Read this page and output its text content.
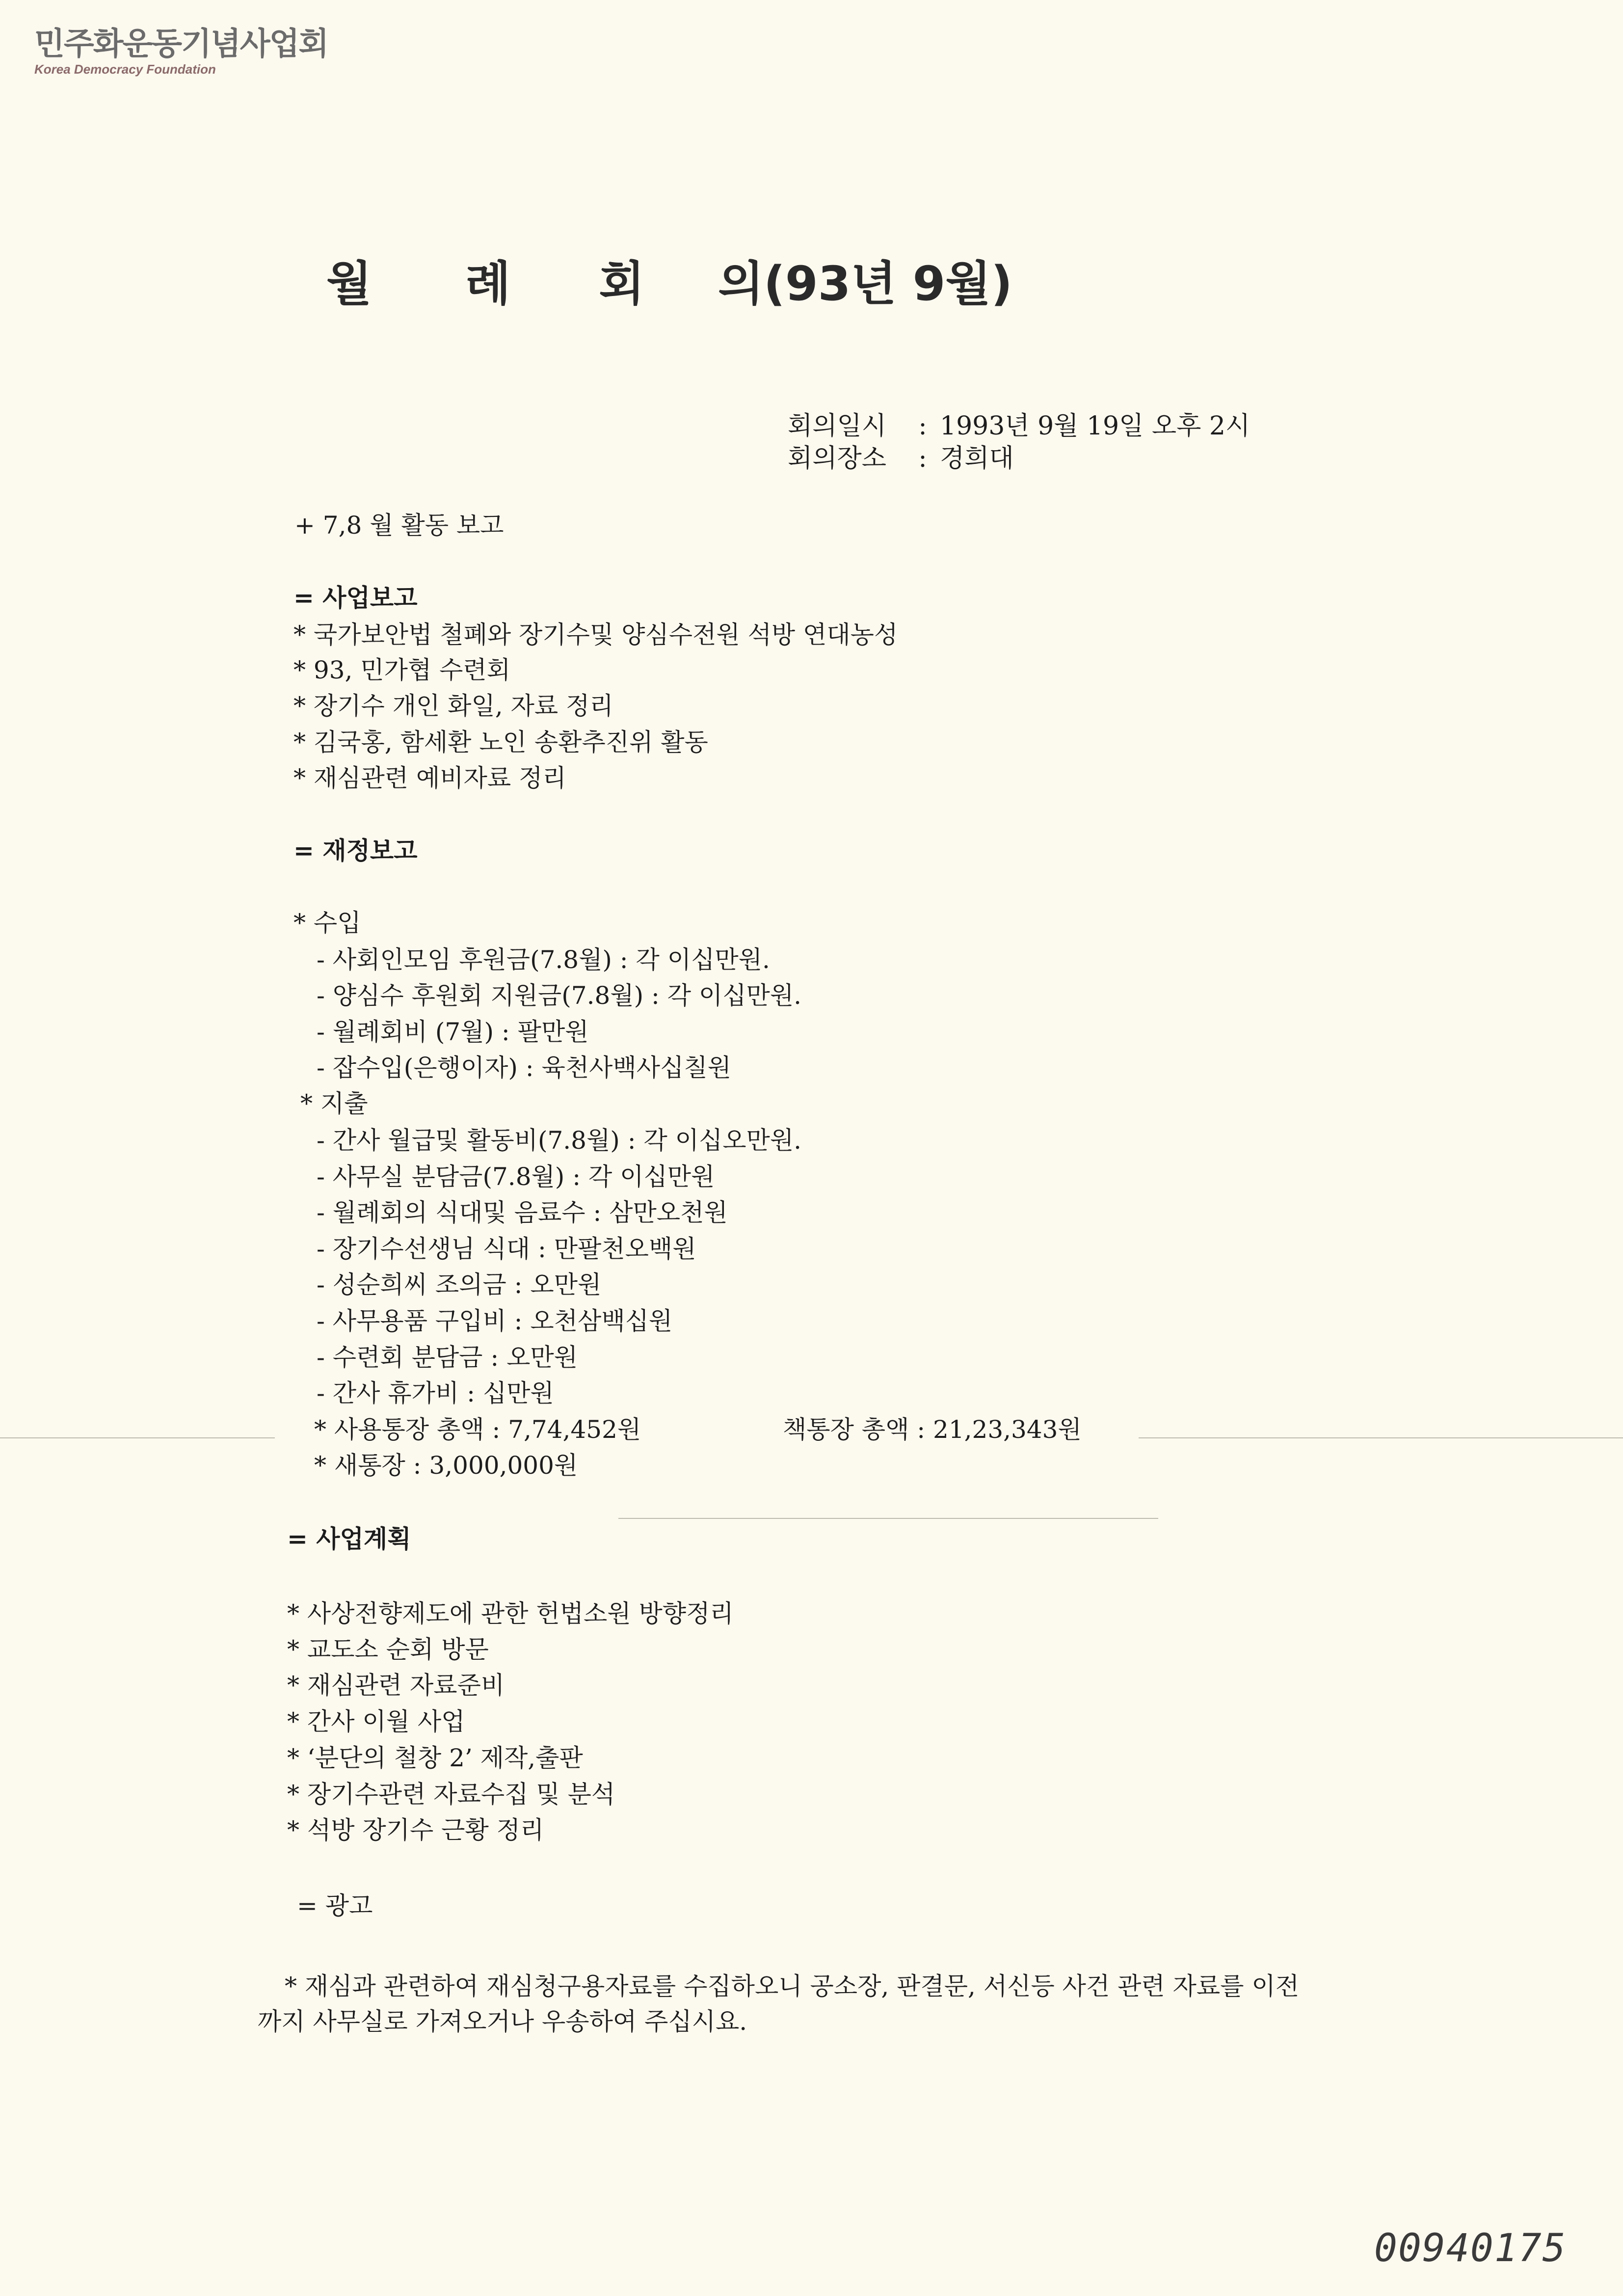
민주화운동기념사업회
Korea Democracy Foundation
월 례 회 의(93년 9월)
회의일시 : 1993년 9월 19일 오후 2시
회의장소 : 경희대
+ 7,8 월 활동 보고
= 사업보고
* 국가보안법 철폐와 장기수및 양심수전원 석방 연대농성
* 93, 민가협 수련회
* 장기수 개인 화일, 자료 정리
* 김국홍, 함세환 노인 송환추진위 활동
* 재심관련 예비자료 정리
= 재정보고
* 수입
- 사회인모임 후원금(7.8월) : 각 이십만원.
- 양심수 후원회 지원금(7.8월) : 각 이십만원.
- 월례회비 (7월) : 팔만원
- 잡수입(은행이자) : 육천사백사십칠원
* 지출
- 간사 월급및 활동비(7.8월) : 각 이십오만원.
- 사무실 분담금(7.8월) : 각 이십만원
- 월례회의 식대및 음료수 : 삼만오천원
- 장기수선생님 식대 : 만팔천오백원
- 성순희씨 조의금 : 오만원
- 사무용품 구입비 : 오천삼백십원
- 수련회 분담금 : 오만원
- 간사 휴가비 : 십만원
* 사용통장 총액 : 7,74,452원	책통장 총액 : 21,23,343원
* 새통장 : 3,000,000원
= 사업계획
* 사상전향제도에 관한 헌법소원 방향정리
* 교도소 순회 방문
* 재심관련 자료준비
* 간사 이월 사업
* ‘분단의 철창 2’ 제작,출판
* 장기수관련 자료수집 및 분석
* 석방 장기수 근황 정리
= 광고
* 재심과 관련하여 재심청구용자료를 수집하오니 공소장, 판결문, 서신등 사건 관련 자료를 이전까지 사무실로 가져오거나 우송하여 주십시요.
00940175
